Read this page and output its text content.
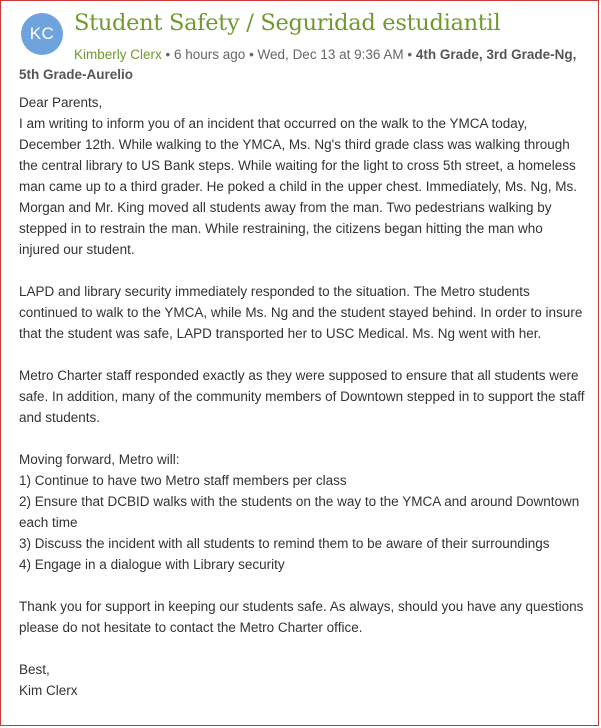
KC Student Safety / Seguridad estudiantil
Kimberly Clerx • 6 hours ago • Wed, Dec 13 at 9:36 AM • 4th Grade, 3rd Grade-Ng, 5th Grade-Aurelio

Dear Parents,

I am writing to inform you of an incident that occurred on the walk to the YMCA today, December 12th. While walking to the YMCA, Ms. Ng's third grade class was walking through the central library to US Bank steps. While waiting for the light to cross 5th street, a homeless man came up to a third grader. He poked a child in the upper chest. Immediately, Ms. Ng, Ms. Morgan and Mr. King moved all students away from the man. Two pedestrians walking by stepped in to restrain the man. While restraining, the citizens began hitting the man who injured our student.

LAPD and library security immediately responded to the situation. The Metro students continued to walk to the YMCA, while Ms. Ng and the student stayed behind. In order to insure that the student was safe, LAPD transported her to USC Medical. Ms. Ng went with her.

Metro Charter staff responded exactly as they were supposed to ensure that all students were safe. In addition, many of the community members of Downtown stepped in to support the staff and students.

Moving forward, Metro will:

1) Continue to have two Metro staff members per class

2) Ensure that DCBID walks with the students on the way to the YMCA and around Downtown each time

3) Discuss the incident with all students to remind them to be aware of their surroundings

4) Engage in a dialogue with Library security

Thank you for support in keeping our students safe. As always, should you have any questions please do not hesitate to contact the Metro Charter office.

Best,

Kim Clerx
